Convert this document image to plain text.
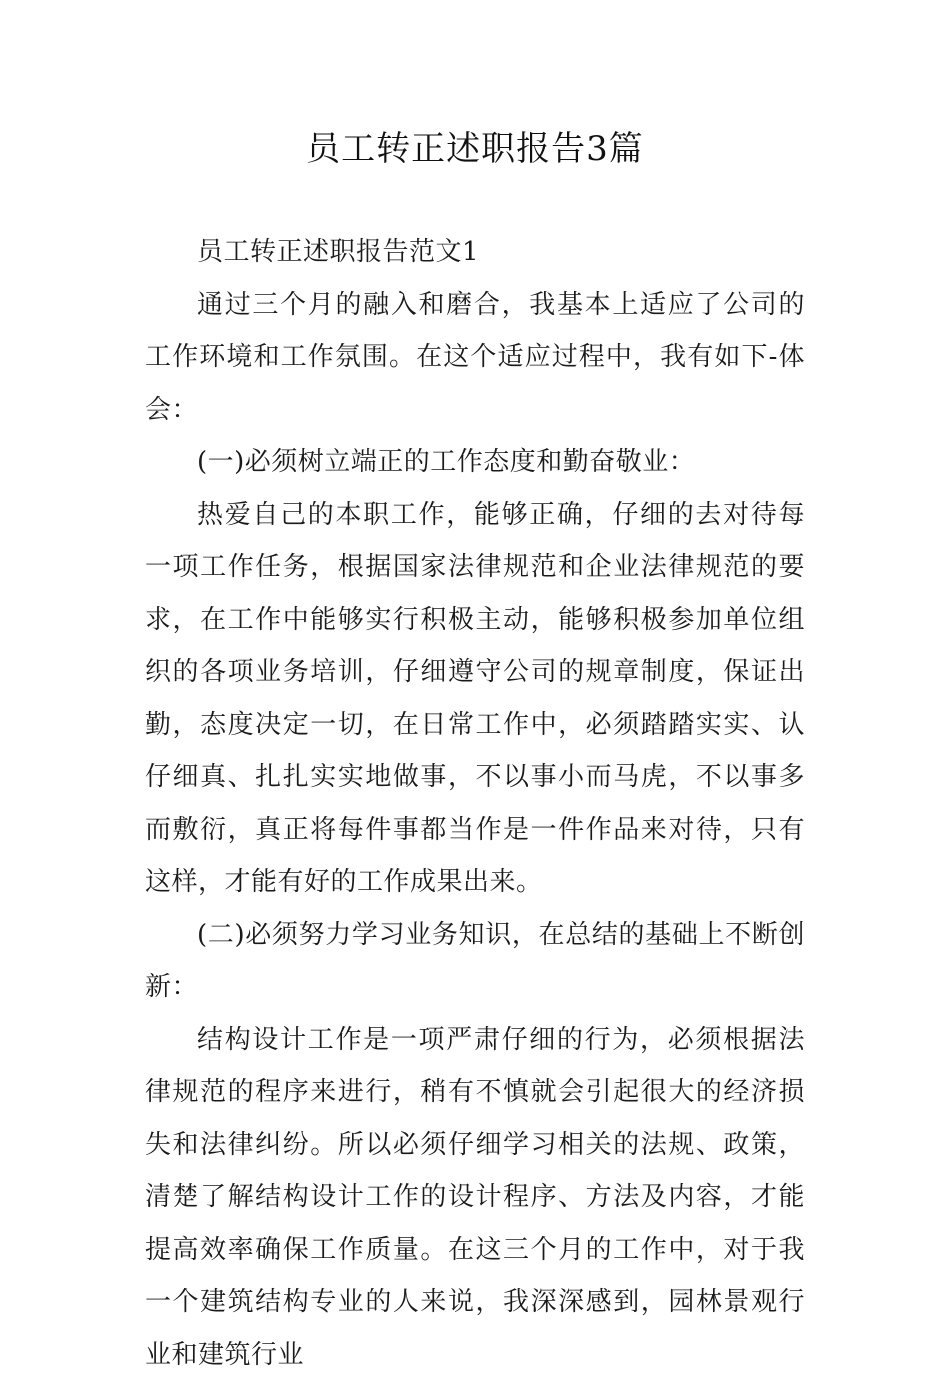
员工转正述职报告3篇

员工转正述职报告范文1

通过三个月的融入和磨合，我基本上适应了公司的工作环境和工作氛围。在这个适应过程中，我有如下-体会：

(一)必须树立端正的工作态度和勤奋敬业：

热爱自己的本职工作，能够正确，仔细的去对待每一项工作任务，根据国家法律规范和企业法律规范的要求，在工作中能够实行积极主动，能够积极参加单位组织的各项业务培训，仔细遵守公司的规章制度，保证出勤，态度决定一切，在日常工作中，必须踏踏实实、认仔细真、扎扎实实地做事，不以事小而马虎，不以事多而敷衍，真正将每件事都当作是一件作品来对待，只有这样，才能有好的工作成果出来。

(二)必须努力学习业务知识，在总结的基础上不断创新：

结构设计工作是一项严肃仔细的行为，必须根据法律规范的程序来进行，稍有不慎就会引起很大的经济损失和法律纠纷。所以必须仔细学习相关的法规、政策，清楚了解结构设计工作的设计程序、方法及内容，才能提高效率确保工作质量。在这三个月的工作中，对于我一个建筑结构专业的人来说，我深深感到，园林景观行业和建筑行业
